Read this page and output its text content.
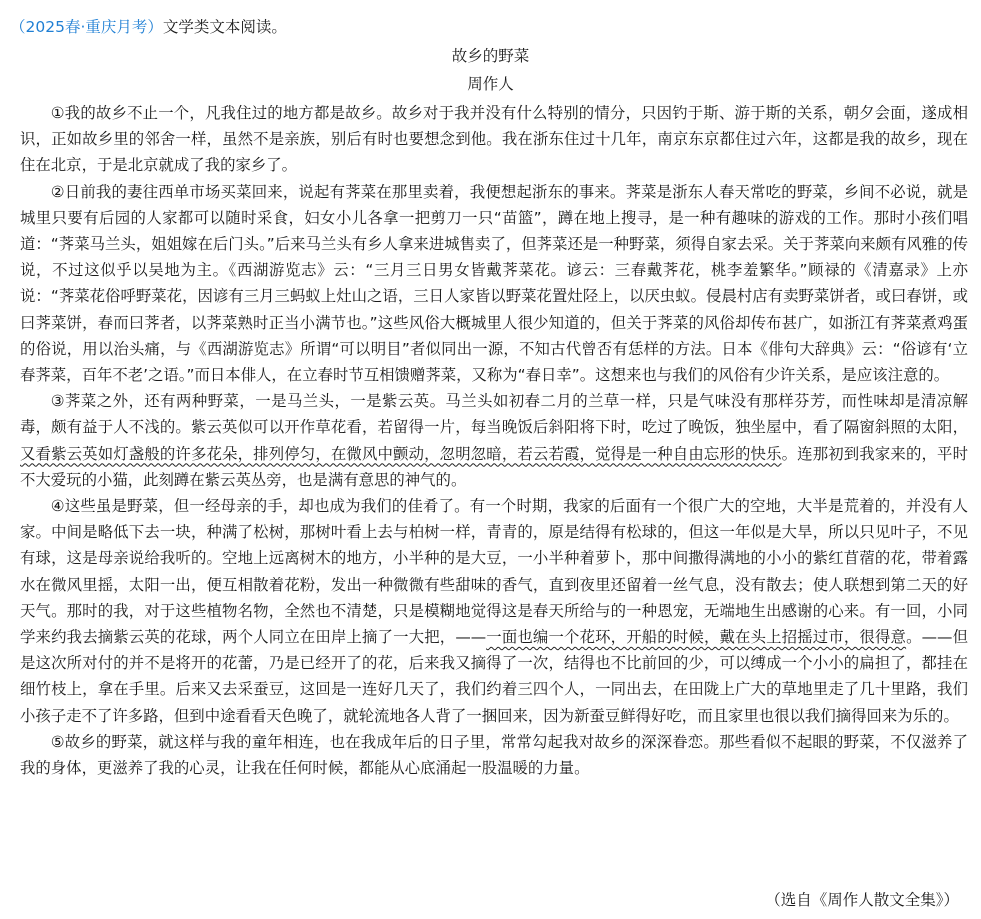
（2025春·重庆月考）文学类文本阅读。
故乡的野菜
周作人

①我的故乡不止一个，凡我住过的地方都是故乡。故乡对于我并没有什么特别的情分，只因钓于斯、游于斯的关系，朝夕会面，遂成相识，正如故乡里的邻舍一样，虽然不是亲族，别后有时也要想念到他。我在浙东住过十几年，南京东京都住过六年，这都是我的故乡，现在住在北京，于是北京就成了我的家乡了。

②日前我的妻往西单市场买菜回来，说起有荠菜在那里卖着，我便想起浙东的事来。荠菜是浙东人春天常吃的野菜，乡间不必说，就是城里只要有后园的人家都可以随时采食，妇女小儿各拿一把剪刀一只“苗篮”，蹲在地上搜寻，是一种有趣味的游戏的工作。那时小孩们唱道：“荠菜马兰头，姐姐嫁在后门头。”后来马兰头有乡人拿来进城售卖了，但荠菜还是一种野菜，须得自家去采。关于荠菜向来颇有风雅的传说，不过这似乎以吴地为主。《西湖游览志》云：“三月三日男女皆戴荠菜花。谚云：三春戴荠花，桃李羞繁华。”顾禄的《清嘉录》上亦说：“荠菜花俗呼野菜花，因谚有三月三蚂蚁上灶山之语，三日人家皆以野菜花置灶陉上，以厌虫蚁。侵晨村店有卖野菜饼者，或曰春饼，或曰荠菜饼，春而曰荠者，以荠菜熟时正当小满节也。”这些风俗大概城里人很少知道的，但关于荠菜的风俗却传布甚广，如浙江有荠菜煮鸡蛋的俗说，用以治头痛，与《西湖游览志》所谓“可以明目”者似同出一源，不知古代曾否有恁样的方法。日本《俳句大辞典》云：“俗谚有‘立春荠菜，百年不老’之语。”而日本俳人，在立春时节互相馈赠荠菜，又称为“春日幸”。这想来也与我们的风俗有少许关系，是应该注意的。

③荠菜之外，还有两种野菜，一是马兰头，一是紫云英。马兰头如初春二月的兰草一样，只是气味没有那样芬芳，而性味却是清凉解毒，颇有益于人不浅的。紫云英似可以开作草花看，若留得一片，每当晚饭后斜阳将下时，吃过了晚饭，独坐屋中，看了隔窗斜照的太阳，又看紫云英如灯盏般的许多花朵，排列停匀，在微风中颤动，忽明忽暗，若云若霞，觉得是一种自由忘形的快乐。连那初到我家来的，平时不大爱玩的小猫，此刻蹲在紫云英丛旁，也是满有意思的神气的。

④这些虽是野菜，但一经母亲的手，却也成为我们的佳肴了。有一个时期，我家的后面有一个很广大的空地，大半是荒着的，并没有人家。中间是略低下去一块，种满了松树，那树叶看上去与柏树一样，青青的，原是结得有松球的，但这一年似是大旱，所以只见叶子，不见有球，这是母亲说给我听的。空地上远离树木的地方，小半种的是大豆，一小半种着萝卜，那中间撒得满地的小小的紫红苜蓿的花，带着露水在微风里摇，太阳一出，便互相散着花粉，发出一种微微有些甜味的香气，直到夜里还留着一丝气息，没有散去；使人联想到第二天的好天气。那时的我，对于这些植物名物，全然也不清楚，只是模糊地觉得这是春天所给与的一种恩宠，无端地生出感谢的心来。有一回，小同学来约我去摘紫云英的花球，两个人同立在田岸上摘了一大把，——一面也编一个花环，开船的时候，戴在头上招摇过市，很得意。——但是这次所对付的并不是将开的花蕾，乃是已经开了的花，后来我又摘得了一次，结得也不比前回的少，可以缚成一个小小的扁担了，都挂在细竹枝上，拿在手里。后来又去采蚕豆，这回是一连好几天了，我们约着三四个人，一同出去，在田陇上广大的草地里走了几十里路，我们小孩子走不了许多路，但到中途看看天色晚了，就轮流地各人背了一捆回来，因为新蚕豆鲜得好吃，而且家里也很以我们摘得回来为乐的。

⑤故乡的野菜，就这样与我的童年相连，也在我成年后的日子里，常常勾起我对故乡的深深眷恋。那些看似不起眼的野菜，不仅滋养了我的身体，更滋养了我的心灵，让我在任何时候，都能从心底涌起一股温暖的力量。

（选自《周作人散文全集》）
